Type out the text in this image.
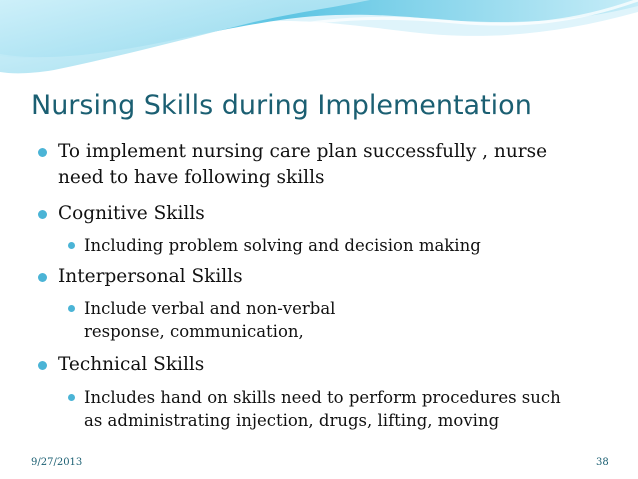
Nursing Skills during Implementation
To implement nursing care plan successfully , nurse
need to have following skills
Cognitive Skills
Including problem solving and decision making
Interpersonal Skills
Include verbal and non-verbal
response, communication,
Technical Skills
Includes hand on skills need to perform procedures such
as administrating injection, drugs, lifting, moving
9/27/2013	38
